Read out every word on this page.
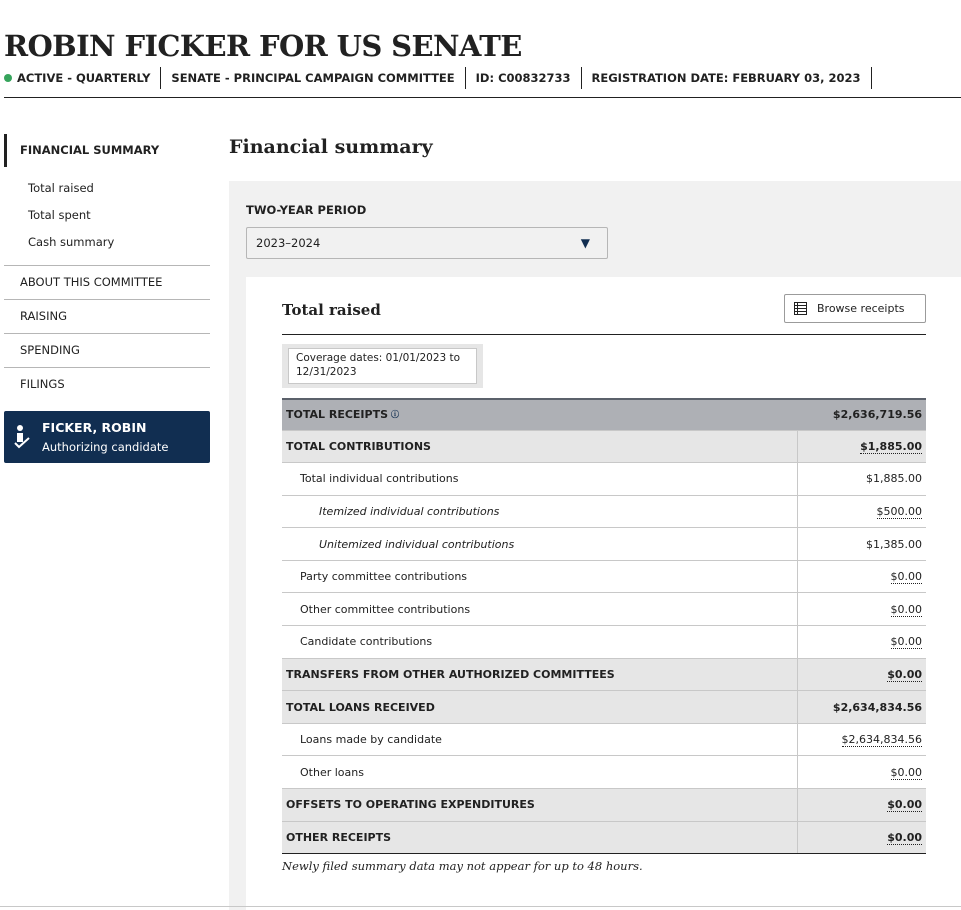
ROBIN FICKER FOR US SENATE
ACTIVE - QUARTERLY	SENATE - PRINCIPAL CAMPAIGN COMMITTEE	ID: C00832733	REGISTRATION DATE: FEBRUARY 03, 2023
FINANCIAL SUMMARY
Total raised
Total spent
Cash summary
ABOUT THIS COMMITTEE
RAISING
SPENDING
FILINGS
FICKER, ROBIN
Authorizing candidate
Financial summary
TWO-YEAR PERIOD
2023–2024	▼
Total raised	Browse receipts
Coverage dates: 01/01/2023 to 12/31/2023
TOTAL RECEIPTS ⓘ	$2,636,719.56
TOTAL CONTRIBUTIONS	$1,885.00
Total individual contributions	$1,885.00
Itemized individual contributions	$500.00
Unitemized individual contributions	$1,385.00
Party committee contributions	$0.00
Other committee contributions	$0.00
Candidate contributions	$0.00
TRANSFERS FROM OTHER AUTHORIZED COMMITTEES	$0.00
TOTAL LOANS RECEIVED	$2,634,834.56
Loans made by candidate	$2,634,834.56
Other loans	$0.00
OFFSETS TO OPERATING EXPENDITURES	$0.00
OTHER RECEIPTS	$0.00
Newly filed summary data may not appear for up to 48 hours.
